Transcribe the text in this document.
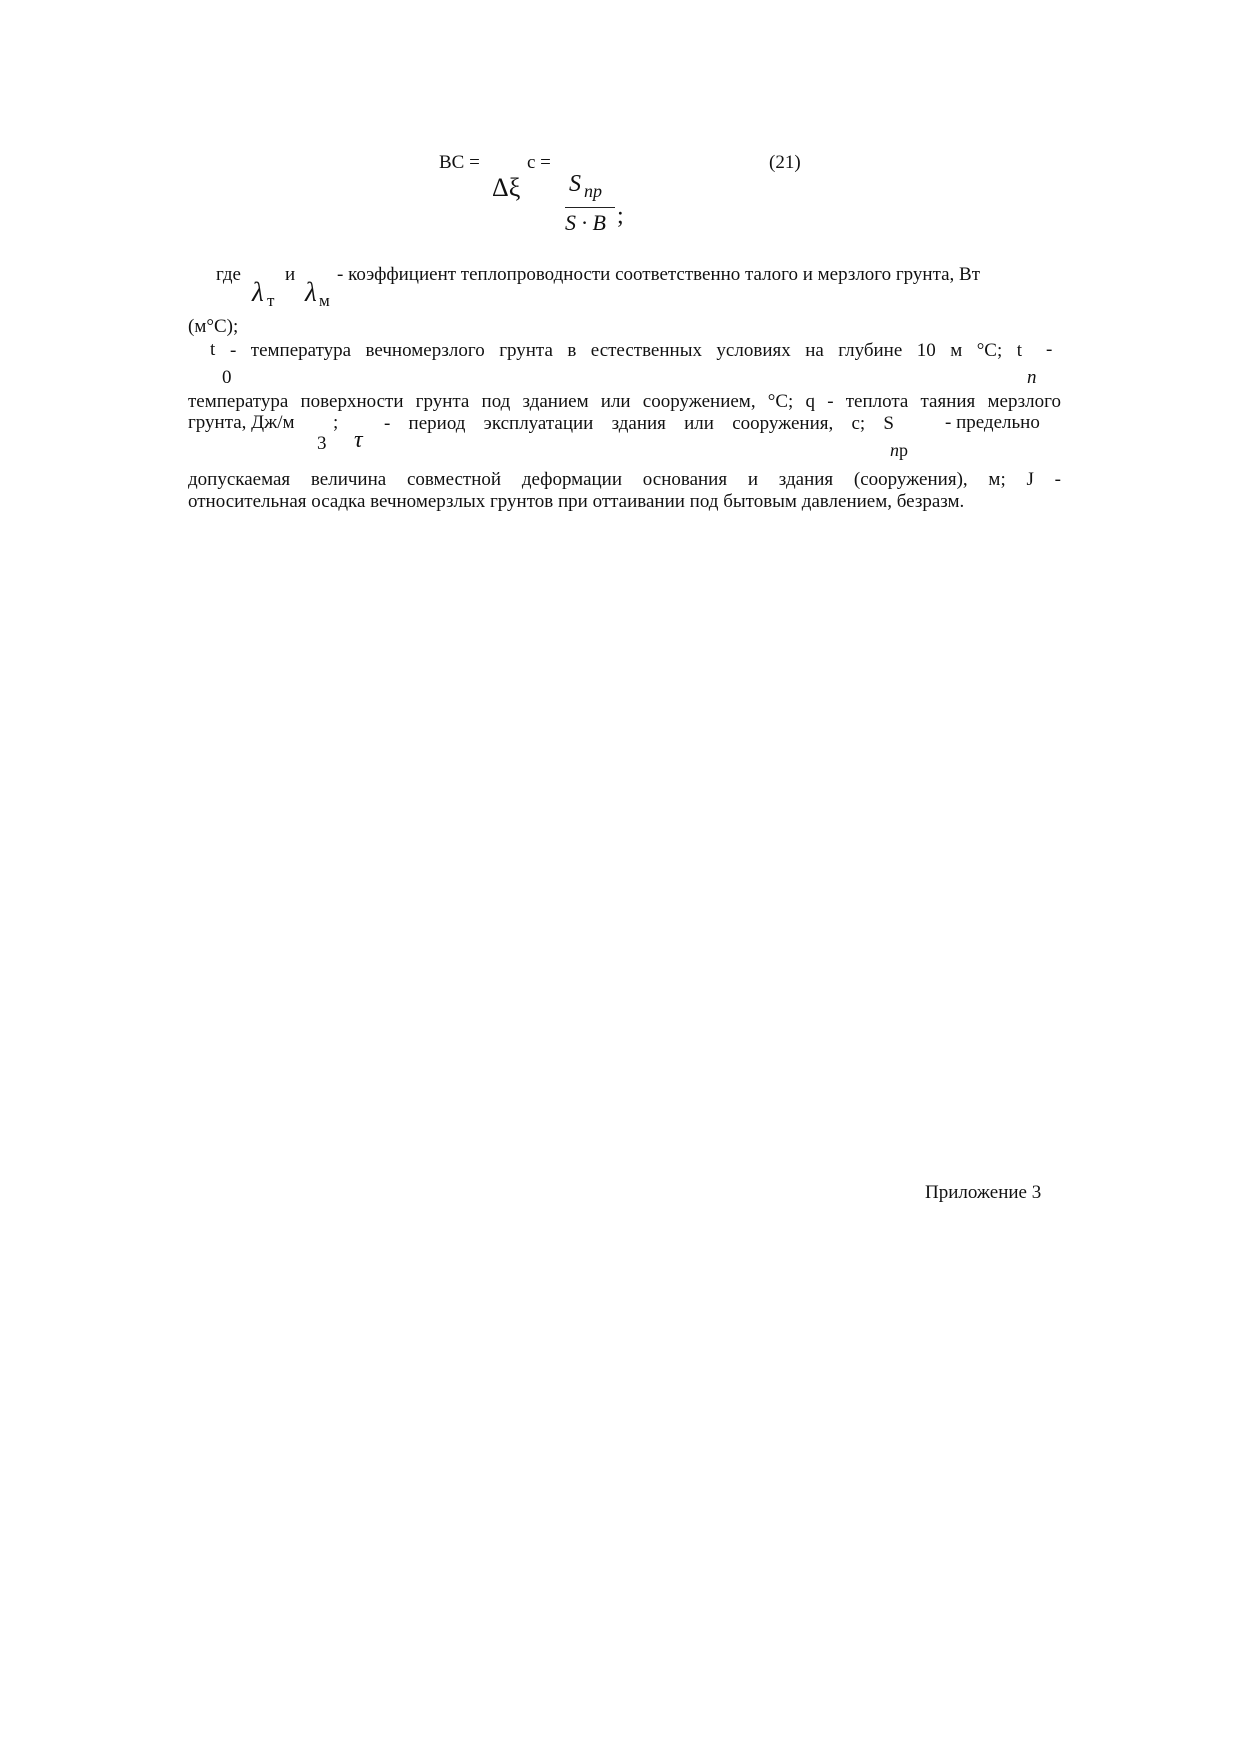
ВС = c =	(21)
Δξ S пр
S · B ;
где и - коэффициент теплопроводности соответственно талого и мерзлого грунта, Вт
λ т λ м
(м°С);
t - температура вечномерзлого грунта в естественных условиях на глубине 10 м °С; t -
0	n
температура поверхности грунта под зданием или сооружением, °С; q - теплота таяния мерзлого
грунта, Дж/м ; - период эксплуатации здания или сооружения, с; S	- предельно
3 τ	nр
допускаемая величина совместной деформации основания и здания (сооружения), м; J -
относительная осадка вечномерзлых грунтов при оттаивании под бытовым давлением, безразм.
Приложение 3
